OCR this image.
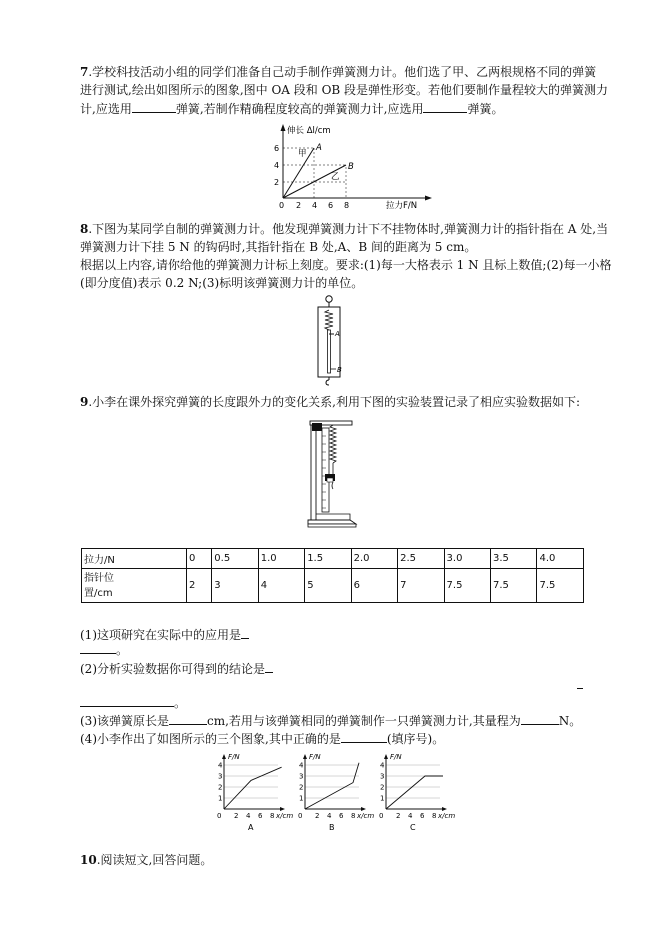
7.学校科技活动小组的同学们准备自己动手制作弹簧测力计。他们选了甲、乙两根规格不同的弹簧
进行测试,绘出如图所示的图象,图中 OA 段和 OB 段是弹性形变。若他们要制作量程较大的弹簧测力
计,应选用	弹簧,若制作精确程度较高的弹簧测力计,应选用	弹簧。
伸长 Δl/cm
拉力F/N
2
4
6
0 2 4 6 8
A
B
甲
乙
8.下图为某同学自制的弹簧测力计。他发现弹簧测力计下不挂物体时,弹簧测力计的指针指在 A 处,当
弹簧测力计下挂 5 N 的钩码时,其指针指在 B 处,A、B 间的距离为 5 cm。
根据以上内容,请你给他的弹簧测力计标上刻度。要求:(1)每一大格表示 1 N 且标上数值;(2)每一小格
(即分度值)表示 0.2 N;(3)标明该弹簧测力计的单位。
A
B
9.小李在课外探究弹簧的长度跟外力的变化关系,利用下图的实验装置记录了相应实验数据如下:
拉力/N	0	0.5	1.0	1.5	2.0	2.5	3.0	3.5	4.0
指针位
置/cm	2	3	4	5	6	7	7.5	7.5	7.5
(1)这项研究在实际中的应用是
。
(2)分析实验数据你可得到的结论是
。
(3)该弹簧原长是	cm,若用与该弹簧相同的弹簧制作一只弹簧测力计,其量程为	N。
(4)小李作出了如图所示的三个图象,其中正确的是	(填序号)。
F/N
x/cm
1
2
3
4
0 2 4 6 8
A
F/N
x/cm
1
2
3
4
0 2 4 6 8
B
F/N
x/cm
1
2
3
4
0 2 4 6 8
C
10.阅读短文,回答问题。
